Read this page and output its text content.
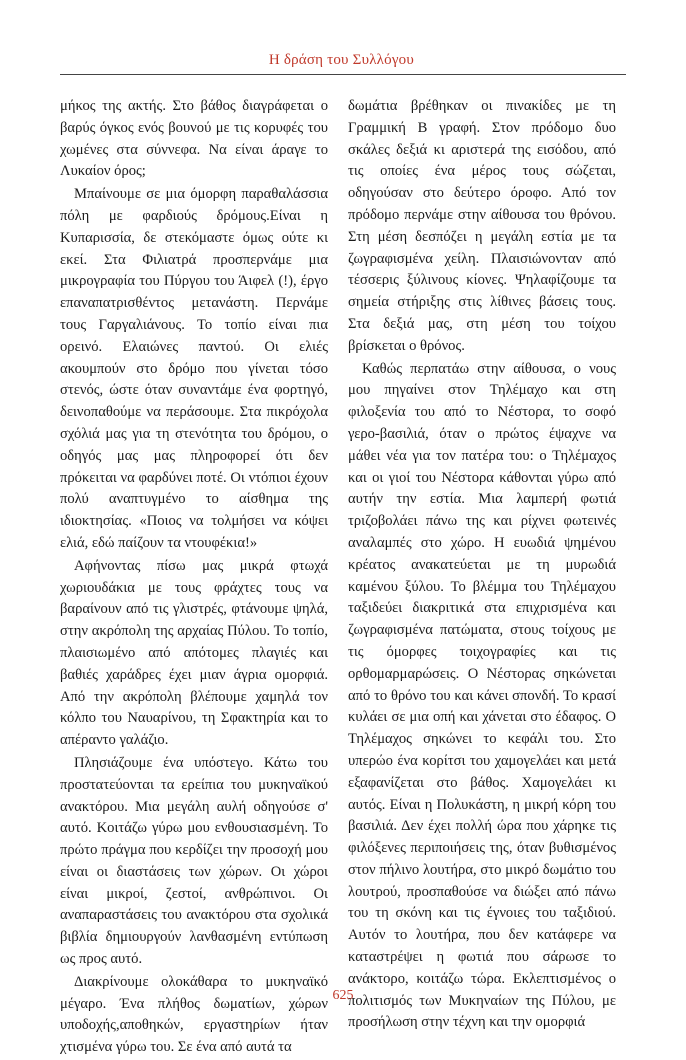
Η δράση του Συλλόγου

μήκος της ακτής. Στο βάθος διαγράφεται ο βαρύς όγκος ενός βουνού με τις κορυφές του χωμένες στα σύννεφα. Να είναι άραγε το Λυκαίον όρος;

Μπαίνουμε σε μια όμορφη παραθαλάσσια πόλη με φαρδιούς δρόμους.Είναι η Κυπαρισσία, δε στεκόμαστε όμως ούτε κι εκεί. Στα Φιλιατρά προσπερνάμε μια μικρογραφία του Πύργου του Άιφελ (!), έργο επαναπατρισθέντος μετανάστη. Περνάμε τους Γαργαλιάνους. Το τοπίο είναι πια ορεινό. Ελαιώνες παντού. Οι ελιές ακουμπούν στο δρόμο που γίνεται τόσο στενός, ώστε όταν συναντάμε ένα φορτηγό, δεινοπαθούμε να περάσουμε. Στα πικρόχολα σχόλιά μας για τη στενότητα του δρόμου, ο οδηγός μας μας πληροφορεί ότι δεν πρόκειται να φαρδύνει ποτέ. Οι ντόπιοι έχουν πολύ αναπτυγμένο το αίσθημα της ιδιοκτησίας. «Ποιος να τολμήσει να κόψει ελιά, εδώ παίζουν τα ντουφέκια!»

Αφήνοντας πίσω μας μικρά φτωχά χωριουδάκια με τους φράχτες τους να βαραίνουν από τις γλιστρές, φτάνουμε ψηλά, στην ακρόπολη της αρχαίας Πύλου. Το τοπίο, πλαισιωμένο από απότομες πλαγιές και βαθιές χαράδρες έχει μιαν άγρια ομορφιά. Από την ακρόπολη βλέπουμε χαμηλά τον κόλπο του Ναυαρίνου, τη Σφακτηρία και το απέραντο γαλάζιο.

Πλησιάζουμε ένα υπόστεγο. Κάτω του προστατεύονται τα ερείπια του μυκηναϊκού ανακτόρου. Μια μεγάλη αυλή οδηγούσε σ' αυτό. Κοιτάζω γύρω μου ενθουσιασμένη. Το πρώτο πράγμα που κερδίζει την προσοχή μου είναι οι διαστάσεις των χώρων. Οι χώροι είναι μικροί, ζεστοί, ανθρώπινοι. Οι αναπαραστάσεις του ανακτόρου στα σχολικά βιβλία δημιουργούν λανθασμένη εντύπωση ως προς αυτό.

Διακρίνουμε ολοκάθαρα το μυκηναϊκό μέγαρο. Ένα πλήθος δωματίων, χώρων υποδοχής,αποθηκών, εργαστηρίων ήταν χτισμένα γύρω του. Σε ένα από αυτά τα

δωμάτια βρέθηκαν οι πινακίδες με τη Γραμμική Β γραφή. Στον πρόδομο δυο σκάλες δεξιά κι αριστερά της εισόδου, από τις οποίες ένα μέρος τους σώζεται, οδηγούσαν στο δεύτερο όροφο. Από τον πρόδομο περνάμε στην αίθουσα του θρόνου. Στη μέση δεσπόζει η μεγάλη εστία με τα ζωγραφισμένα χείλη. Πλαισιώνονταν από τέσσερις ξύλινους κίονες. Ψηλαφίζουμε τα σημεία στήριξης στις λίθινες βάσεις τους. Στα δεξιά μας, στη μέση του τοίχου βρίσκεται ο θρόνος.

Καθώς περπατάω στην αίθουσα, ο νους μου πηγαίνει στον Τηλέμαχο και στη φιλοξενία του από το Νέστορα, το σοφό γερο-βασιλιά, όταν ο πρώτος έψαχνε να μάθει νέα για τον πατέρα του: ο Τηλέμαχος και οι γιοί του Νέστορα κάθονται γύρω από αυτήν την εστία. Μια λαμπερή φωτιά τριζοβολάει πάνω της και ρίχνει φωτεινές αναλαμπές στο χώρο. Η ευωδιά ψημένου κρέατος ανακατεύεται με τη μυρωδιά καμένου ξύλου. Το βλέμμα του Τηλέμαχου ταξιδεύει διακριτικά στα επιχρισμένα και ζωγραφισμένα πατώματα, στους τοίχους με τις όμορφες τοιχογραφίες και τις ορθομαρμαρώσεις. Ο Νέστορας σηκώνεται από το θρόνο του και κάνει σπονδή. Το κρασί κυλάει σε μια οπή και χάνεται στο έδαφος. Ο Τηλέμαχος σηκώνει το κεφάλι του. Στο υπερώο ένα κορίτσι του χαμογελάει και μετά εξαφανίζεται στο βάθος. Χαμογελάει κι αυτός. Είναι η Πολυκάστη, η μικρή κόρη του βασιλιά. Δεν έχει πολλή ώρα που χάρηκε τις φιλόξενες περιποιήσεις της, όταν βυθισμένος στον πήλινο λουτήρα, στο μικρό δωμάτιο του λουτρού, προσπαθούσε να διώξει από πάνω του τη σκόνη και τις έγνοιες του ταξιδιού. Αυτόν το λουτήρα, που δεν κατάφερε να καταστρέψει η φωτιά που σάρωσε το ανάκτορο, κοιτάζω τώρα. Εκλεπτισμένος ο πολιτισμός των Μυκηναίων της Πύλου, με προσήλωση στην τέχνη και την ομορφιά

625
